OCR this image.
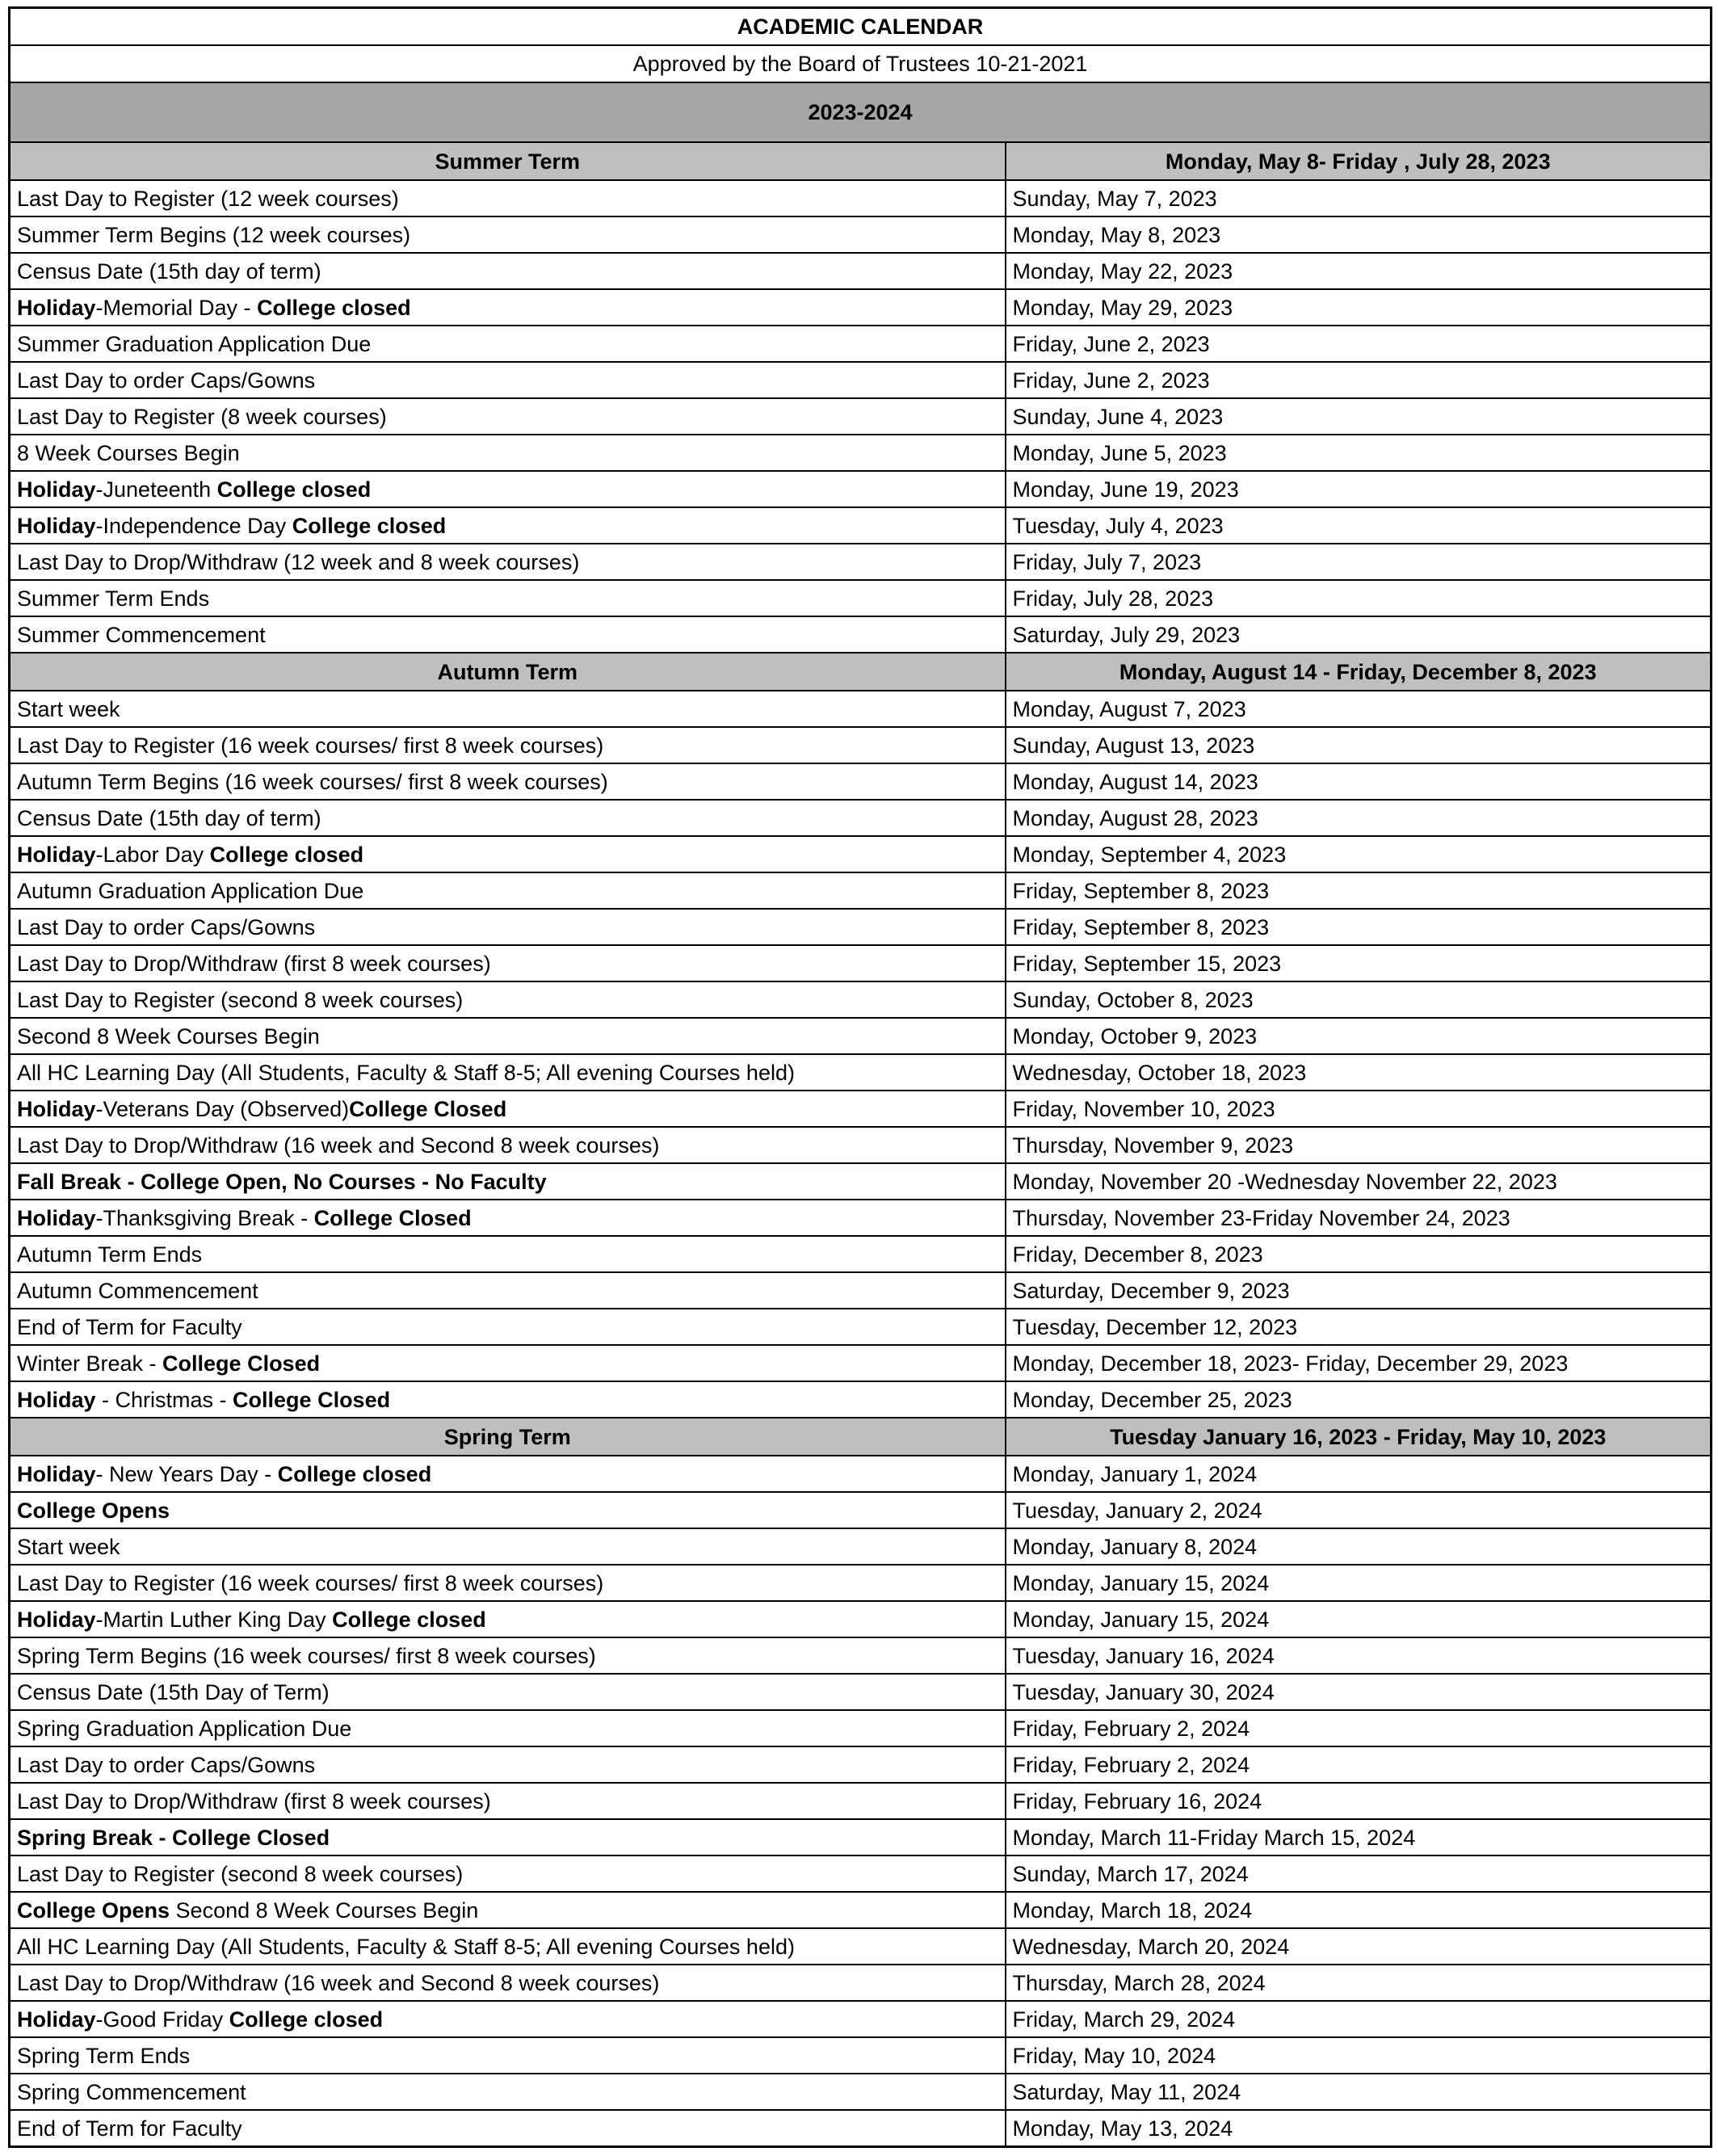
ACADEMIC CALENDAR	
Approved by the Board of Trustees 10-21-2021	
2023-2024	
Summer Term	Monday, May 8- Friday , July 28, 2023
Last Day to Register (12 week courses)	Sunday, May 7, 2023
Summer Term Begins (12 week courses)	Monday, May 8, 2023
Census Date (15th day of term)	Monday, May 22, 2023
Holiday-Memorial Day - College closed	Monday, May 29, 2023
Summer Graduation Application Due	Friday, June 2, 2023
Last Day to order Caps/Gowns	Friday, June 2, 2023
Last Day to Register (8 week courses)	Sunday, June 4, 2023
8 Week Courses Begin	Monday, June 5, 2023
Holiday-Juneteenth College closed	Monday, June 19, 2023
Holiday-Independence Day College closed	Tuesday, July 4, 2023
Last Day to Drop/Withdraw (12 week and 8 week courses)	Friday, July 7, 2023
Summer Term Ends	Friday, July 28, 2023
Summer Commencement	Saturday, July 29, 2023
Autumn Term	Monday, August 14 - Friday, December 8, 2023
Start week	Monday, August 7, 2023
Last Day to Register (16 week courses/ first 8 week courses)	Sunday, August 13, 2023
Autumn Term Begins (16 week courses/ first 8 week courses)	Monday, August 14, 2023
Census Date (15th day of term)	Monday, August 28, 2023
Holiday-Labor Day College closed	Monday, September 4, 2023
Autumn Graduation Application Due	Friday, September 8, 2023
Last Day to order Caps/Gowns	Friday, September 8, 2023
Last Day to Drop/Withdraw (first 8 week courses)	Friday, September 15, 2023
Last Day to Register (second 8 week courses)	Sunday, October 8, 2023
Second 8 Week Courses Begin	Monday, October 9, 2023
All HC Learning Day (All Students, Faculty & Staff 8-5; All evening Courses held)	Wednesday, October 18, 2023
Holiday-Veterans Day (Observed)College Closed	Friday, November 10, 2023
Last Day to Drop/Withdraw (16 week and Second 8 week courses)	Thursday, November 9, 2023
Fall Break - College Open, No Courses - No Faculty	Monday, November 20 -Wednesday November 22, 2023
Holiday-Thanksgiving Break - College Closed	Thursday, November 23-Friday November 24, 2023
Autumn Term Ends	Friday, December 8, 2023
Autumn Commencement	Saturday, December 9, 2023
End of Term for Faculty	Tuesday, December 12, 2023
Winter Break - College Closed	Monday, December 18, 2023- Friday, December 29, 2023
Holiday - Christmas - College Closed	Monday, December 25, 2023
Spring Term	Tuesday January 16, 2023 - Friday, May 10, 2023
Holiday- New Years Day - College closed	Monday, January 1, 2024
College Opens	Tuesday, January 2, 2024
Start week	Monday, January 8, 2024
Last Day to Register (16 week courses/ first 8 week courses)	Monday, January 15, 2024
Holiday-Martin Luther King Day College closed	Monday, January 15, 2024
Spring Term Begins (16 week courses/ first 8 week courses)	Tuesday, January 16, 2024
Census Date (15th Day of Term)	Tuesday, January 30, 2024
Spring Graduation Application Due	Friday, February 2, 2024
Last Day to order Caps/Gowns	Friday, February 2, 2024
Last Day to Drop/Withdraw (first 8 week courses)	Friday, February 16, 2024
Spring Break - College Closed	Monday, March 11-Friday March 15, 2024
Last Day to Register (second 8 week courses)	Sunday, March 17, 2024
College Opens Second 8 Week Courses Begin	Monday, March 18, 2024
All HC Learning Day (All Students, Faculty & Staff 8-5; All evening Courses held)	Wednesday, March 20, 2024
Last Day to Drop/Withdraw (16 week and Second 8 week courses)	Thursday, March 28, 2024
Holiday-Good Friday College closed	Friday, March 29, 2024
Spring Term Ends	Friday, May 10, 2024
Spring Commencement	Saturday, May 11, 2024
End of Term for Faculty	Monday, May 13, 2024
